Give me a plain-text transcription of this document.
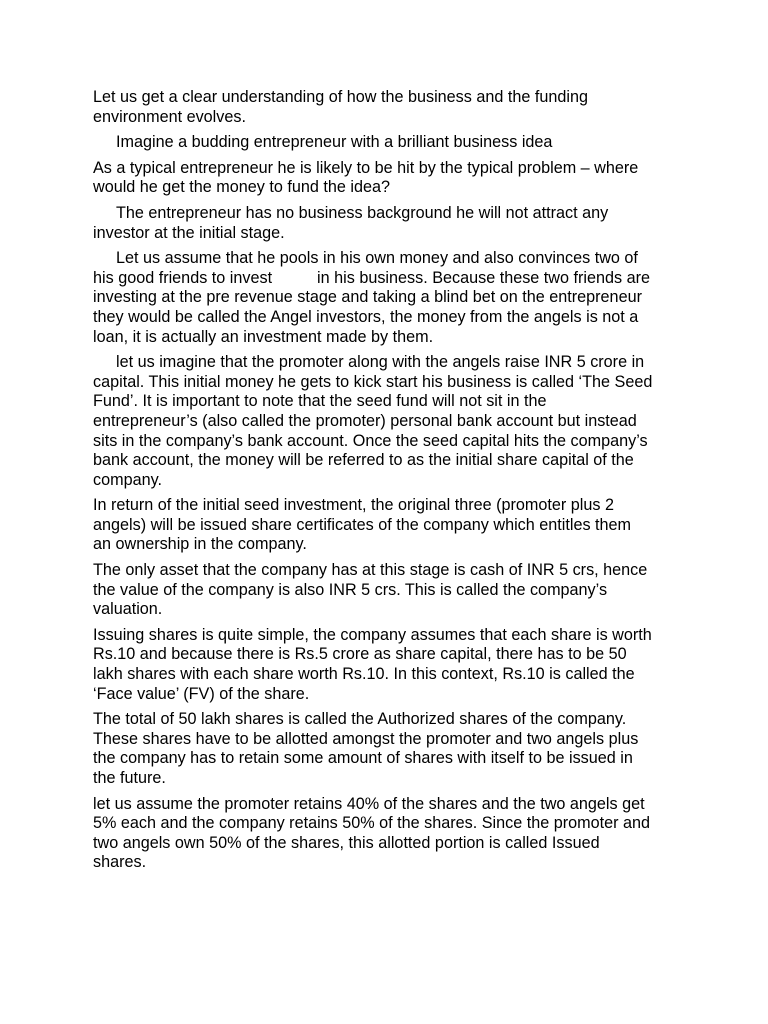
Let us get a clear understanding of how the business and the funding environment evolves.

Imagine a budding entrepreneur with a brilliant business idea

As a typical entrepreneur he is likely to be hit by the typical problem – where would he get the money to fund the idea?

The entrepreneur has no business background he will not attract any investor at the initial stage.

Let us assume that he pools in his own money and also convinces two of his good friends to invest          in his business. Because these two friends are investing at the pre revenue stage and taking a blind bet on the entrepreneur they would be called the Angel investors, the money from the angels is not a loan, it is actually an investment made by them.

let us imagine that the promoter along with the angels raise INR 5 crore in capital. This initial money he gets to kick start his business is called ‘The Seed Fund’. It is important to note that the seed fund will not sit in the entrepreneur’s (also called the promoter) personal bank account but instead sits in the company’s bank account. Once the seed capital hits the company’s bank account, the money will be referred to as the initial share capital of the company.

In return of the initial seed investment, the original three (promoter plus 2 angels) will be issued share certificates of the company which entitles them an ownership in the company.

The only asset that the company has at this stage is cash of INR 5 crs, hence the value of the company is also INR 5 crs. This is called the company’s valuation.

Issuing shares is quite simple, the company assumes that each share is worth Rs.10 and because there is Rs.5 crore as share capital, there has to be 50 lakh shares with each share worth Rs.10. In this context, Rs.10 is called the ‘Face value’ (FV) of the share.

The total of 50 lakh shares is called the Authorized shares of the company. These shares have to be allotted amongst the promoter and two angels plus the company has to retain some amount of shares with itself to be issued in the future.

let us assume the promoter retains 40% of the shares and the two angels get 5% each and the company retains 50% of the shares. Since the promoter and two angels own 50% of the shares, this allotted portion is called Issued shares.
